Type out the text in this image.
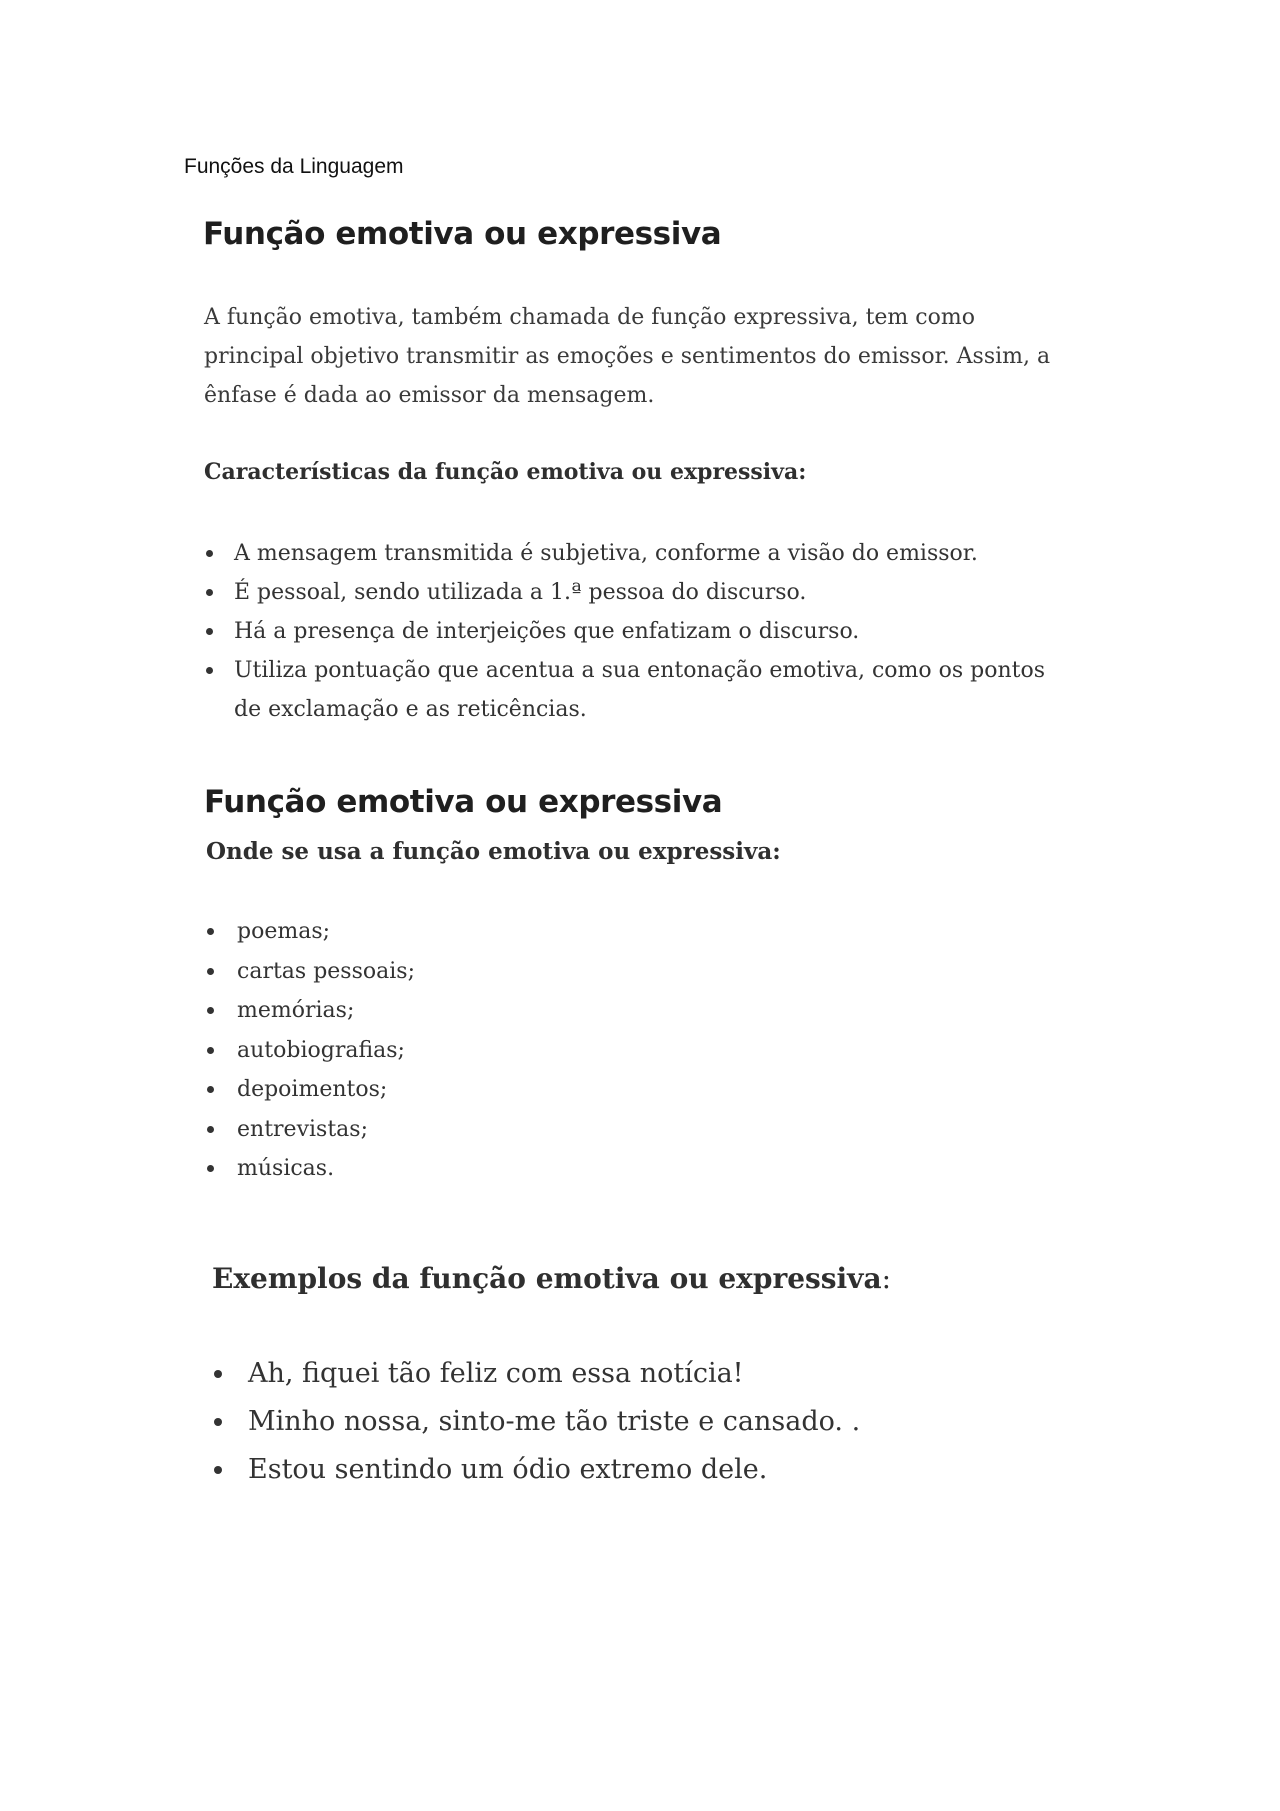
Funções da Linguagem
Função emotiva ou expressiva
A função emotiva, também chamada de função expressiva, tem como
principal objetivo transmitir as emoções e sentimentos do emissor. Assim, a
ênfase é dada ao emissor da mensagem.
Características da função emotiva ou expressiva:
A mensagem transmitida é subjetiva, conforme a visão do emissor.
É pessoal, sendo utilizada a 1.ª pessoa do discurso.
Há a presença de interjeições que enfatizam o discurso.
Utiliza pontuação que acentua a sua entonação emotiva, como os pontos
de exclamação e as reticências.
Função emotiva ou expressiva
Onde se usa a função emotiva ou expressiva:
poemas;
cartas pessoais;
memórias;
autobiografias;
depoimentos;
entrevistas;
músicas.
Exemplos da função emotiva ou expressiva:
Ah, fiquei tão feliz com essa notícia!
Minho nossa, sinto-me tão triste e cansado. .
Estou sentindo um ódio extremo dele.
